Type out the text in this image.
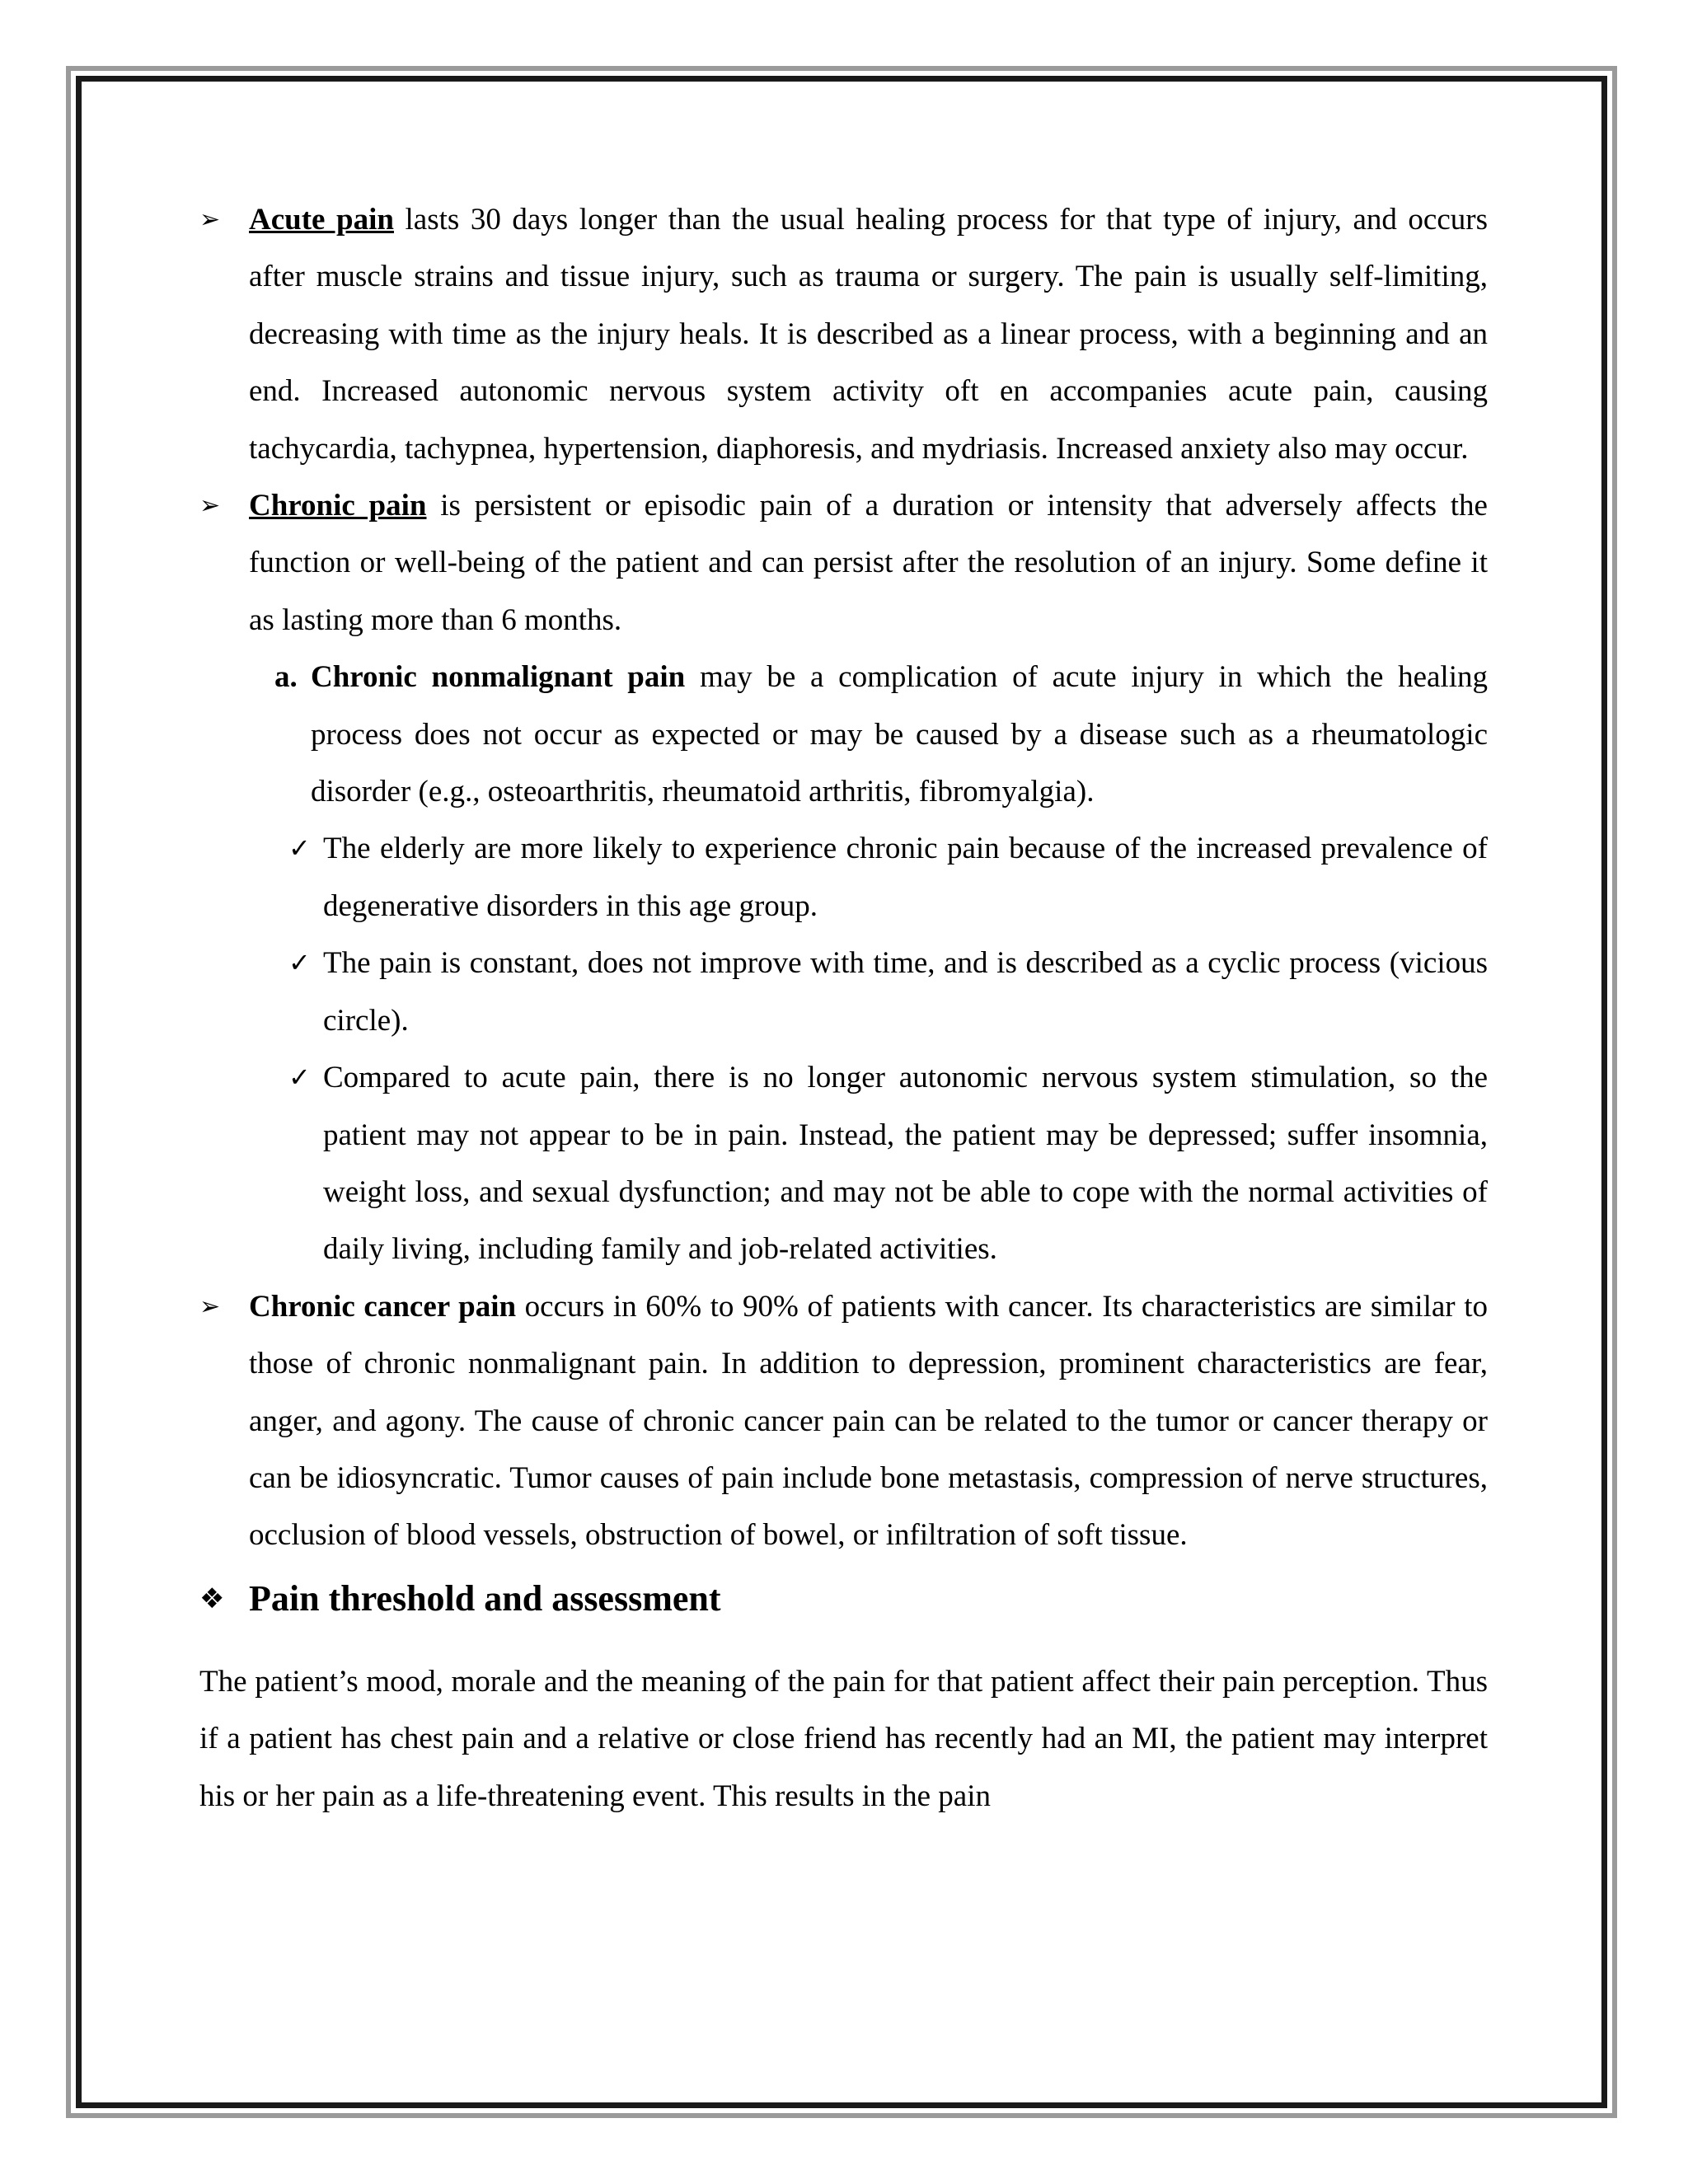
➢ Acute pain lasts 30 days longer than the usual healing process for that type of injury, and occurs after muscle strains and tissue injury, such as trauma or surgery. The pain is usually self-limiting, decreasing with time as the injury heals. It is described as a linear process, with a beginning and an end. Increased autonomic nervous system activity oft en accompanies acute pain, causing tachycardia, tachypnea, hypertension, diaphoresis, and mydriasis. Increased anxiety also may occur.
➢ Chronic pain is persistent or episodic pain of a duration or intensity that adversely affects the function or well-being of the patient and can persist after the resolution of an injury. Some define it as lasting more than 6 months.
a. Chronic nonmalignant pain may be a complication of acute injury in which the healing process does not occur as expected or may be caused by a disease such as a rheumatologic disorder (e.g., osteoarthritis, rheumatoid arthritis, fibromyalgia).
✓ The elderly are more likely to experience chronic pain because of the increased prevalence of degenerative disorders in this age group.
✓ The pain is constant, does not improve with time, and is described as a cyclic process (vicious circle).
✓ Compared to acute pain, there is no longer autonomic nervous system stimulation, so the patient may not appear to be in pain. Instead, the patient may be depressed; suffer insomnia, weight loss, and sexual dysfunction; and may not be able to cope with the normal activities of daily living, including family and job-related activities.
➢ Chronic cancer pain occurs in 60% to 90% of patients with cancer. Its characteristics are similar to those of chronic nonmalignant pain. In addition to depression, prominent characteristics are fear, anger, and agony. The cause of chronic cancer pain can be related to the tumor or cancer therapy or can be idiosyncratic. Tumor causes of pain include bone metastasis, compression of nerve structures, occlusion of blood vessels, obstruction of bowel, or infiltration of soft tissue.
❖ Pain threshold and assessment
The patient’s mood, morale and the meaning of the pain for that patient affect their pain perception. Thus if a patient has chest pain and a relative or close friend has recently had an MI, the patient may interpret his or her pain as a life-threatening event. This results in the pain
